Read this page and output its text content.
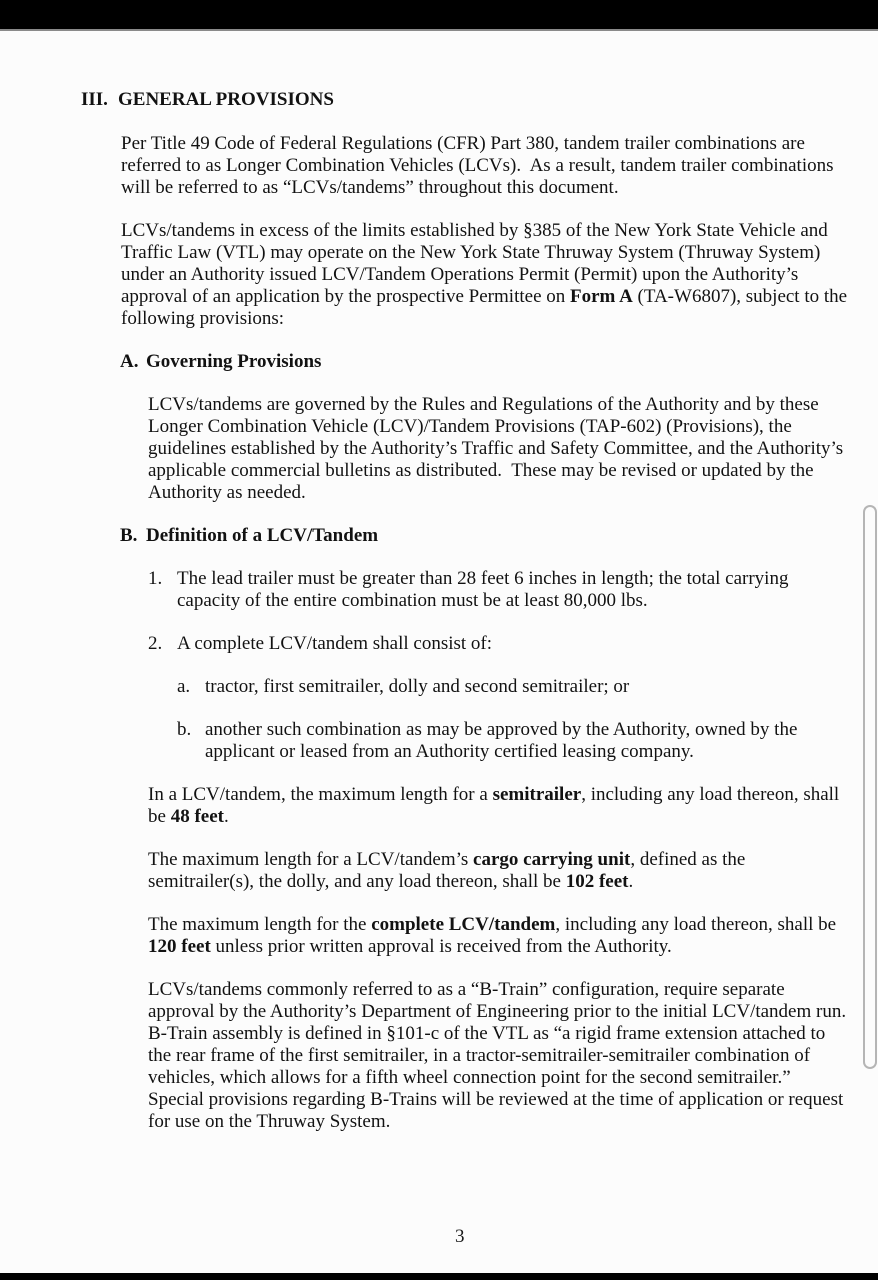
III. GENERAL PROVISIONS

Per Title 49 Code of Federal Regulations (CFR) Part 380, tandem trailer combinations are referred to as Longer Combination Vehicles (LCVs).  As a result, tandem trailer combinations will be referred to as “LCVs/tandems” throughout this document.

LCVs/tandems in excess of the limits established by §385 of the New York State Vehicle and Traffic Law (VTL) may operate on the New York State Thruway System (Thruway System) under an Authority issued LCV/Tandem Operations Permit (Permit) upon the Authority’s approval of an application by the prospective Permittee on Form A (TA-W6807), subject to the following provisions:

A. Governing Provisions

LCVs/tandems are governed by the Rules and Regulations of the Authority and by these Longer Combination Vehicle (LCV)/Tandem Provisions (TAP-602) (Provisions), the guidelines established by the Authority’s Traffic and Safety Committee, and the Authority’s applicable commercial bulletins as distributed.  These may be revised or updated by the Authority as needed.

B. Definition of a LCV/Tandem
1. The lead trailer must be greater than 28 feet 6 inches in length; the total carrying capacity of the entire combination must be at least 80,000 lbs.
2. A complete LCV/tandem shall consist of:
a. tractor, first semitrailer, dolly and second semitrailer; or
b. another such combination as may be approved by the Authority, owned by the applicant or leased from an Authority certified leasing company.

In a LCV/tandem, the maximum length for a semitrailer, including any load thereon, shall be 48 feet.

The maximum length for a LCV/tandem’s cargo carrying unit, defined as the semitrailer(s), the dolly, and any load thereon, shall be 102 feet.

The maximum length for the complete LCV/tandem, including any load thereon, shall be 120 feet unless prior written approval is received from the Authority.

LCVs/tandems commonly referred to as a “B-Train” configuration, require separate approval by the Authority’s Department of Engineering prior to the initial LCV/tandem run.  B-Train assembly is defined in §101-c of the VTL as “a rigid frame extension attached to the rear frame of the first semitrailer, in a tractor-semitrailer-semitrailer combination of vehicles, which allows for a fifth wheel connection point for the second semitrailer.”  Special provisions regarding B-Trains will be reviewed at the time of application or request for use on the Thruway System.

3
